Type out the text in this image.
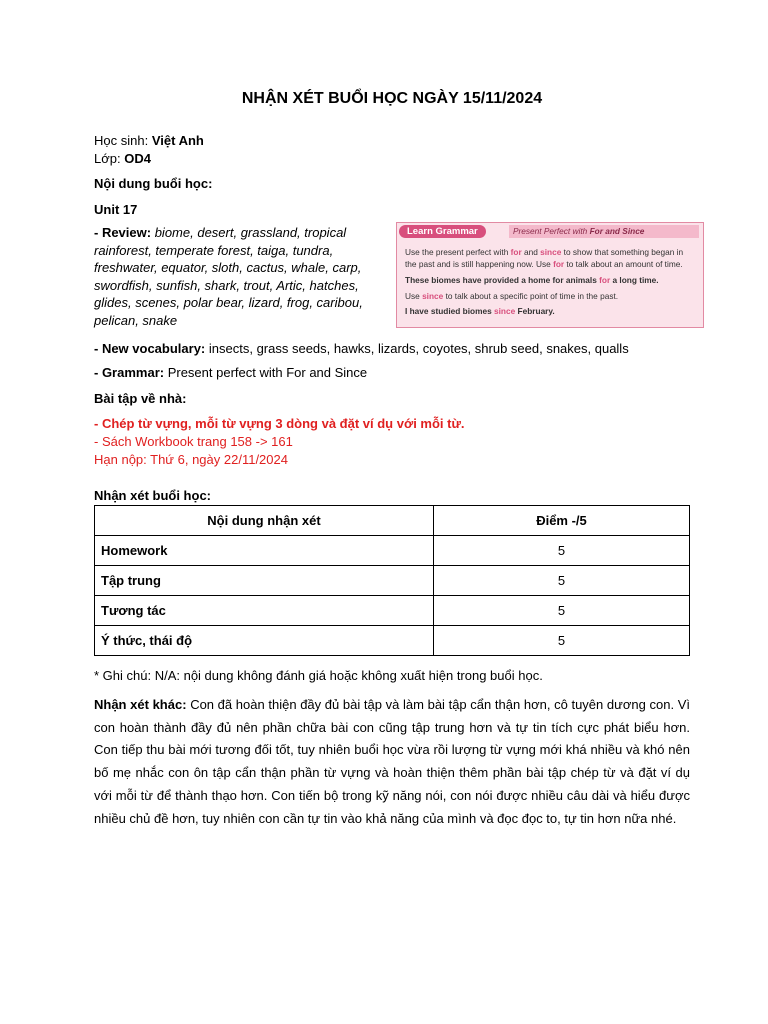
NHẬN XÉT BUỔI HỌC NGÀY 15/11/2024
Học sinh: Việt Anh
Lớp: OD4
Nội dung buổi học:
Unit 17
- Review: biome, desert, grassland, tropical rainforest, temperate forest, taiga, tundra, freshwater, equator, sloth, cactus, whale, carp, swordfish, sunfish, shark, trout, Artic, hatches, glides, scenes, polar bear, lizard, frog, caribou, pelican, snake
- New vocabulary: insects, grass seeds, hawks, lizards, coyotes, shrub seed, snakes, qualls
- Grammar: Present perfect with For and Since
Bài tập về nhà:
- Chép từ vựng, mỗi từ vựng 3 dòng và đặt ví dụ với mỗi từ.
- Sách Workbook trang 158 -> 161
Hạn nộp: Thứ 6, ngày 22/11/2024
Nhận xét buổi học:
* Ghi chú: N/A: nội dung không đánh giá hoặc không xuất hiện trong buổi học.
Learn Grammar	Present Perfect with For and Since
Use the present perfect with for and since to show that something began in
the past and is still happening now. Use for to talk about an amount of time.
These biomes have provided a home for animals for a long time.
Use since to talk about a specific point of time in the past.
I have studied biomes since February.
Nội dung nhận xét	Điểm -/5
Homework	5
Tập trung	5
Tương tác	5
Ý thức, thái độ	5
Nhận xét khác: Con đã hoàn thiện đầy đủ bài tập và làm bài tập cẩn thận hơn, cô tuyên dương con. Vì con hoàn thành đầy đủ nên phần chữa bài con cũng tập trung hơn và tự tin tích cực phát biểu hơn. Con tiếp thu bài mới tương đối tốt, tuy nhiên buổi học vừa rồi lượng từ vựng mới khá nhiều và khó nên bố mẹ nhắc con ôn tập cẩn thận phần từ vựng và hoàn thiện thêm phần bài tập chép từ và đặt ví dụ với mỗi từ để thành thạo hơn. Con tiến bộ trong kỹ năng nói, con nói được nhiều câu dài và hiểu được nhiều chủ đề hơn, tuy nhiên con cần tự tin vào khả năng của mình và đọc đọc to, tự tin hơn nữa nhé.
